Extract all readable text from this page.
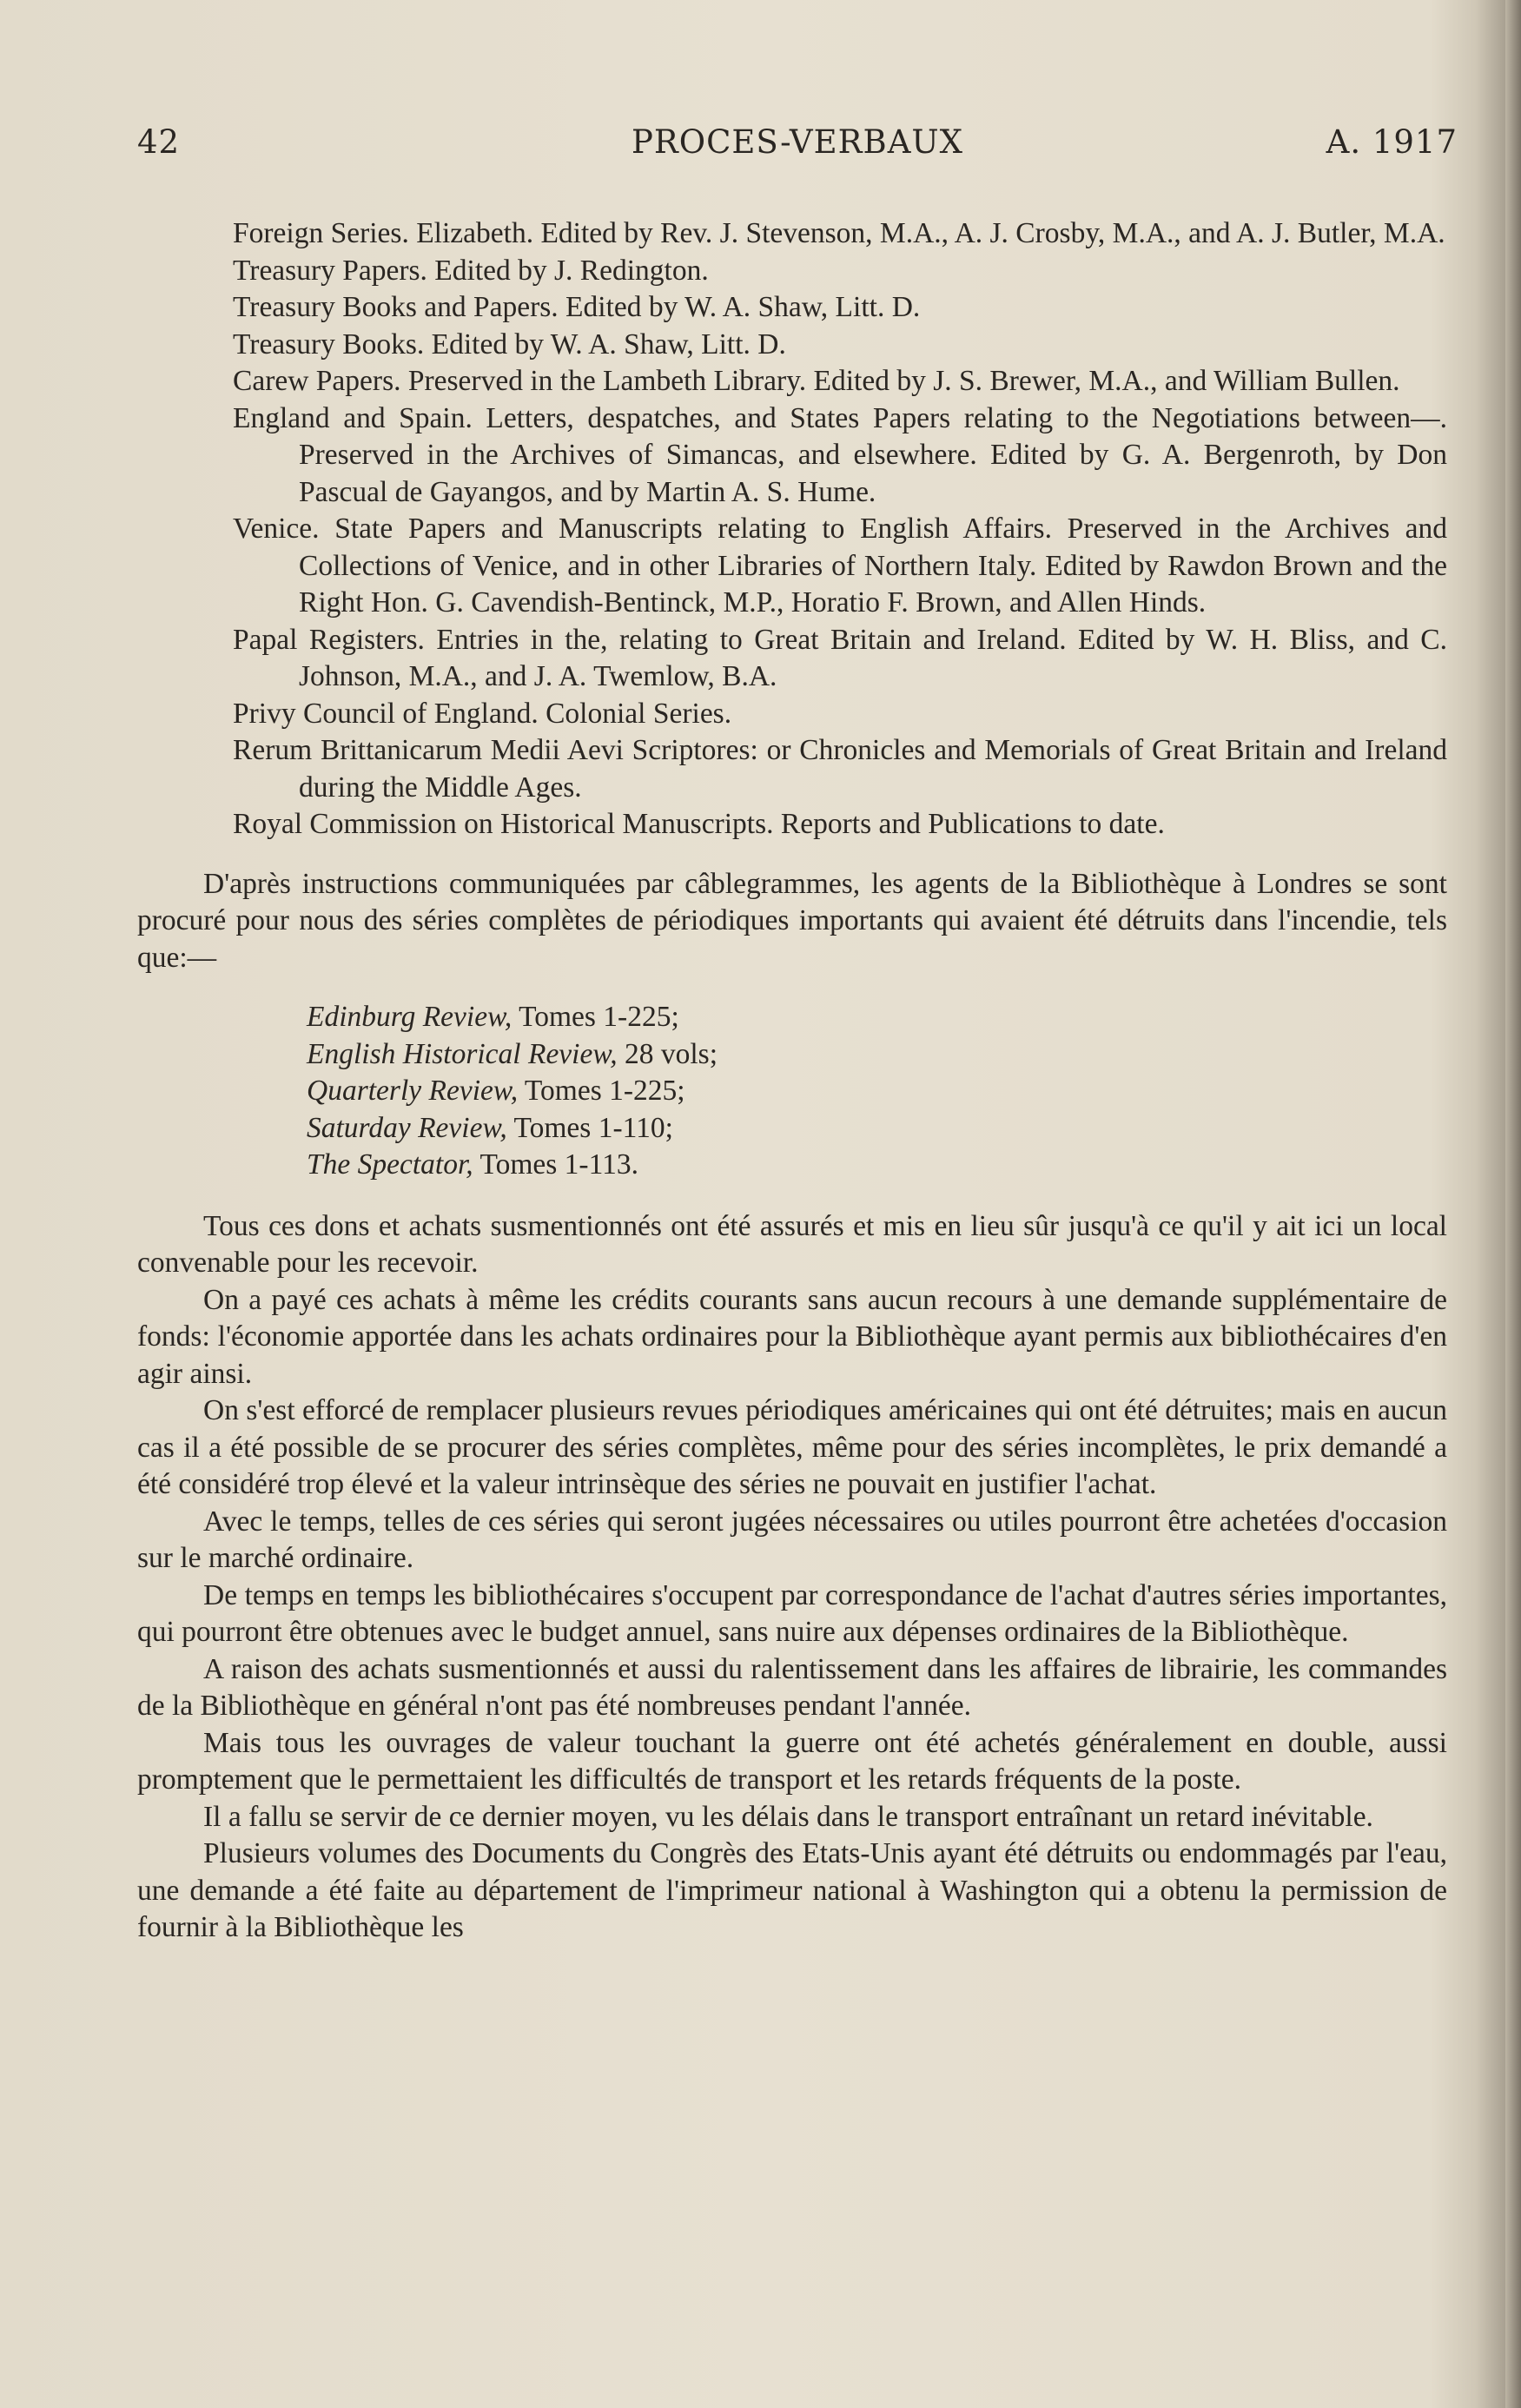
PROCES-VERBAUX
42	A. 1917

Foreign Series. Elizabeth. Edited by Rev. J. Stevenson, M.A., A. J. Crosby, M.A., and A. J. Butler, M.A.

Treasury Papers. Edited by J. Redington.

Treasury Books and Papers. Edited by W. A. Shaw, Litt. D.

Treasury Books. Edited by W. A. Shaw, Litt. D.

Carew Papers. Preserved in the Lambeth Library. Edited by J. S. Brewer, M.A., and William Bullen.

England and Spain. Letters, despatches, and States Papers relating to the Negotiations between—. Preserved in the Archives of Simancas, and elsewhere. Edited by G. A. Bergenroth, by Don Pascual de Gayangos, and by Martin A. S. Hume.

Venice. State Papers and Manuscripts relating to English Affairs. Preserved in the Archives and Collections of Venice, and in other Libraries of Northern Italy. Edited by Rawdon Brown and the Right Hon. G. Cavendish-Bentinck, M.P., Horatio F. Brown, and Allen Hinds.

Papal Registers. Entries in the, relating to Great Britain and Ireland. Edited by W. H. Bliss, and C. Johnson, M.A., and J. A. Twemlow, B.A.

Privy Council of England. Colonial Series.

Rerum Brittanicarum Medii Aevi Scriptores: or Chronicles and Memorials of Great Britain and Ireland during the Middle Ages.

Royal Commission on Historical Manuscripts. Reports and Publications to date.

D'après instructions communiquées par câblegrammes, les agents de la Bibliothèque à Londres se sont procuré pour nous des séries complètes de périodiques importants qui avaient été détruits dans l'incendie, tels que:—

Edinburg Review, Tomes 1-225;

English Historical Review, 28 vols;

Quarterly Review, Tomes 1-225;

Saturday Review, Tomes 1-110;

The Spectator, Tomes 1-113.

Tous ces dons et achats susmentionnés ont été assurés et mis en lieu sûr jusqu'à ce qu'il y ait ici un local convenable pour les recevoir.

On a payé ces achats à même les crédits courants sans aucun recours à une demande supplémentaire de fonds: l'économie apportée dans les achats ordinaires pour la Bibliothèque ayant permis aux bibliothécaires d'en agir ainsi.

On s'est efforcé de remplacer plusieurs revues périodiques américaines qui ont été détruites; mais en aucun cas il a été possible de se procurer des séries complètes, même pour des séries incomplètes, le prix demandé a été considéré trop élevé et la valeur intrinsèque des séries ne pouvait en justifier l'achat.

Avec le temps, telles de ces séries qui seront jugées nécessaires ou utiles pourront être achetées d'occasion sur le marché ordinaire.

De temps en temps les bibliothécaires s'occupent par correspondance de l'achat d'autres séries importantes, qui pourront être obtenues avec le budget annuel, sans nuire aux dépenses ordinaires de la Bibliothèque.

A raison des achats susmentionnés et aussi du ralentissement dans les affaires de librairie, les commandes de la Bibliothèque en général n'ont pas été nombreuses pendant l'année.

Mais tous les ouvrages de valeur touchant la guerre ont été achetés généralement en double, aussi promptement que le permettaient les difficultés de transport et les retards fréquents de la poste.

Il a fallu se servir de ce dernier moyen, vu les délais dans le transport entraînant un retard inévitable.

Plusieurs volumes des Documents du Congrès des Etats-Unis ayant été détruits ou endommagés par l'eau, une demande a été faite au département de l'imprimeur national à Washington qui a obtenu la permission de fournir à la Bibliothèque les
